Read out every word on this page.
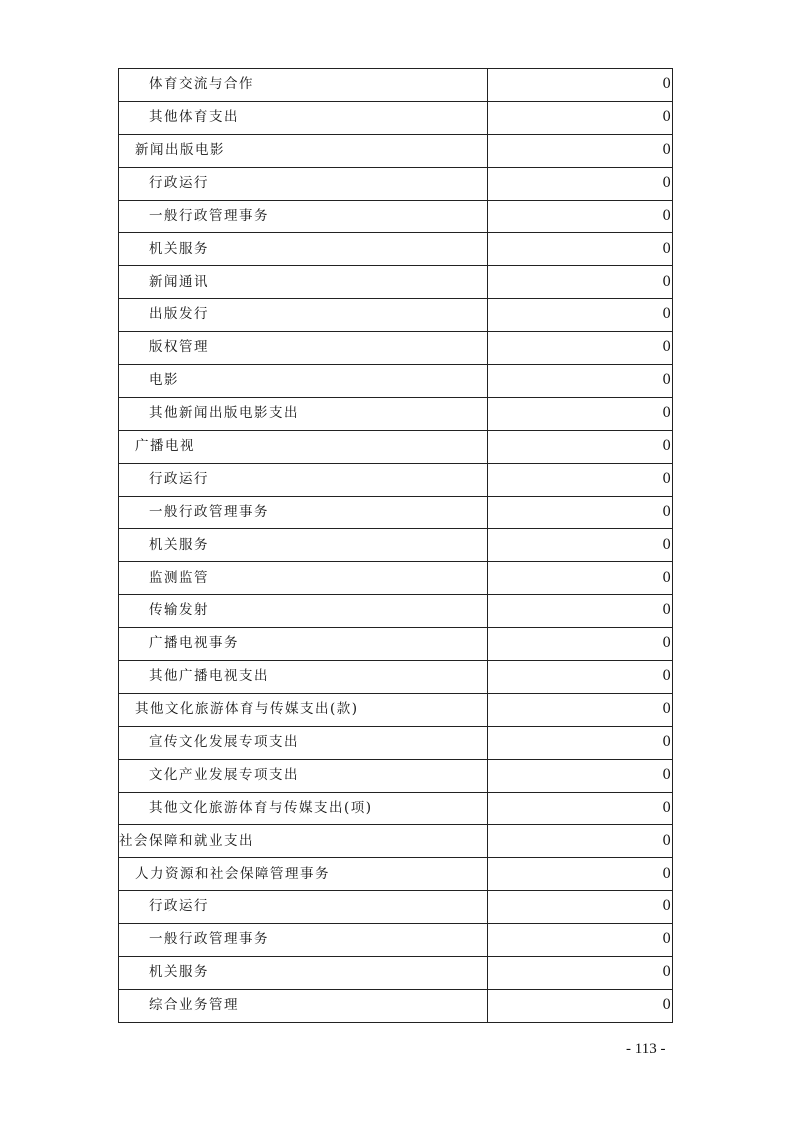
体育交流与合作	0
其他体育支出	0
新闻出版电影	0
行政运行	0
一般行政管理事务	0
机关服务	0
新闻通讯	0
出版发行	0
版权管理	0
电影	0
其他新闻出版电影支出	0
广播电视	0
行政运行	0
一般行政管理事务	0
机关服务	0
监测监管	0
传输发射	0
广播电视事务	0
其他广播电视支出	0
其他文化旅游体育与传媒支出(款)	0
宣传文化发展专项支出	0
文化产业发展专项支出	0
其他文化旅游体育与传媒支出(项)	0
社会保障和就业支出	0
人力资源和社会保障管理事务	0
行政运行	0
一般行政管理事务	0
机关服务	0
综合业务管理	0
- 113 -
